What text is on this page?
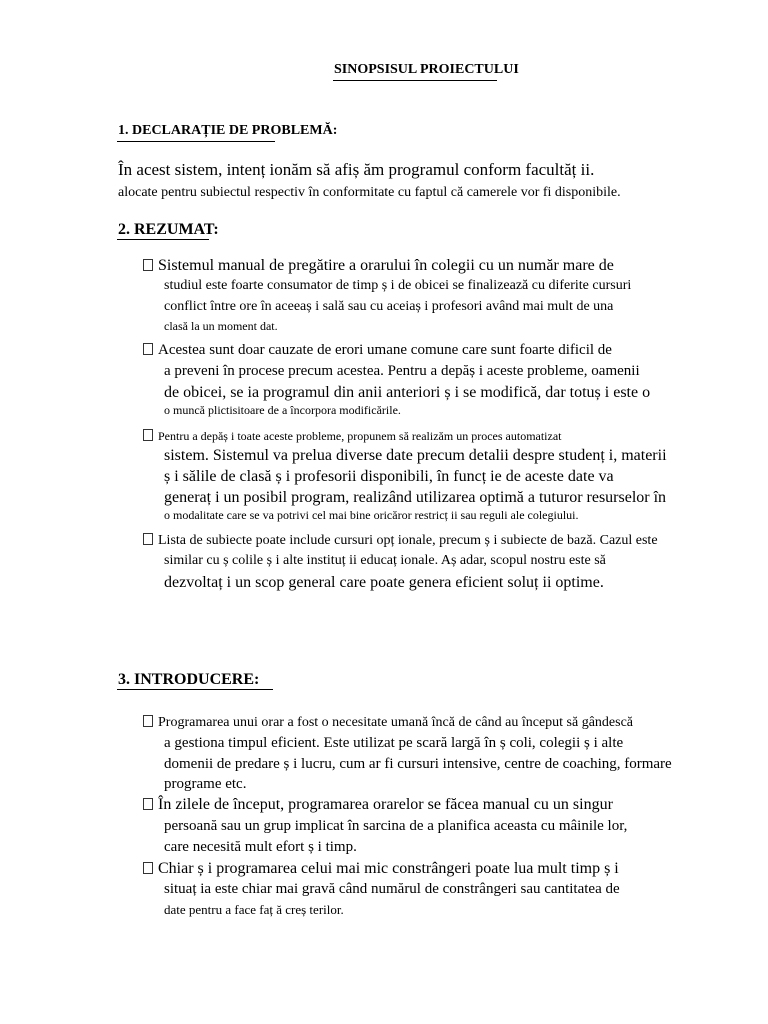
SINOPSISUL PROIECTULUI
1. DECLARAȚIE DE PROBLEMĂ:
În acest sistem, intenț ionăm să afiș ăm programul conform facultăț ii.
alocate pentru subiectul respectiv în conformitate cu faptul că camerele vor fi disponibile.
2. REZUMAT:
Sistemul manual de pregătire a orarului în colegii cu un număr mare de
studiul este foarte consumator de timp ș i de obicei se finalizează cu diferite cursuri
conflict între ore în aceeaș i sală sau cu aceiaș i profesori având mai mult de una
clasă la un moment dat.
Acestea sunt doar cauzate de erori umane comune care sunt foarte dificil de
a preveni în procese precum acestea. Pentru a depăș i aceste probleme, oamenii
de obicei, se ia programul din anii anteriori ș i se modifică, dar totuș i este o
o muncă plictisitoare de a încorpora modificările.
Pentru a depăș i toate aceste probleme, propunem să realizăm un proces automatizat
sistem. Sistemul va prelua diverse date precum detalii despre studenț i, materii
ș i sălile de clasă ș i profesorii disponibili, în funcț ie de aceste date va
generaț i un posibil program, realizând utilizarea optimă a tuturor resurselor în
o modalitate care se va potrivi cel mai bine oricăror restricț ii sau reguli ale colegiului.
Lista de subiecte poate include cursuri opț ionale, precum ș i subiecte de bază. Cazul este
similar cu ș colile ș i alte instituț ii educaț ionale. Aș adar, scopul nostru este să
dezvoltaț i un scop general care poate genera eficient soluț ii optime.
3. INTRODUCERE:
Programarea unui orar a fost o necesitate umană încă de când au început să gândescă
a gestiona timpul eficient. Este utilizat pe scară largă în ș coli, colegii ș i alte
domenii de predare ș i lucru, cum ar fi cursuri intensive, centre de coaching, formare
programe etc.
În zilele de început, programarea orarelor se făcea manual cu un singur
persoană sau un grup implicat în sarcina de a planifica aceasta cu mâinile lor,
care necesită mult efort ș i timp.
Chiar ș i programarea celui mai mic constrângeri poate lua mult timp ș i
situaț ia este chiar mai gravă când numărul de constrângeri sau cantitatea de
date pentru a face faț ă creș terilor.
